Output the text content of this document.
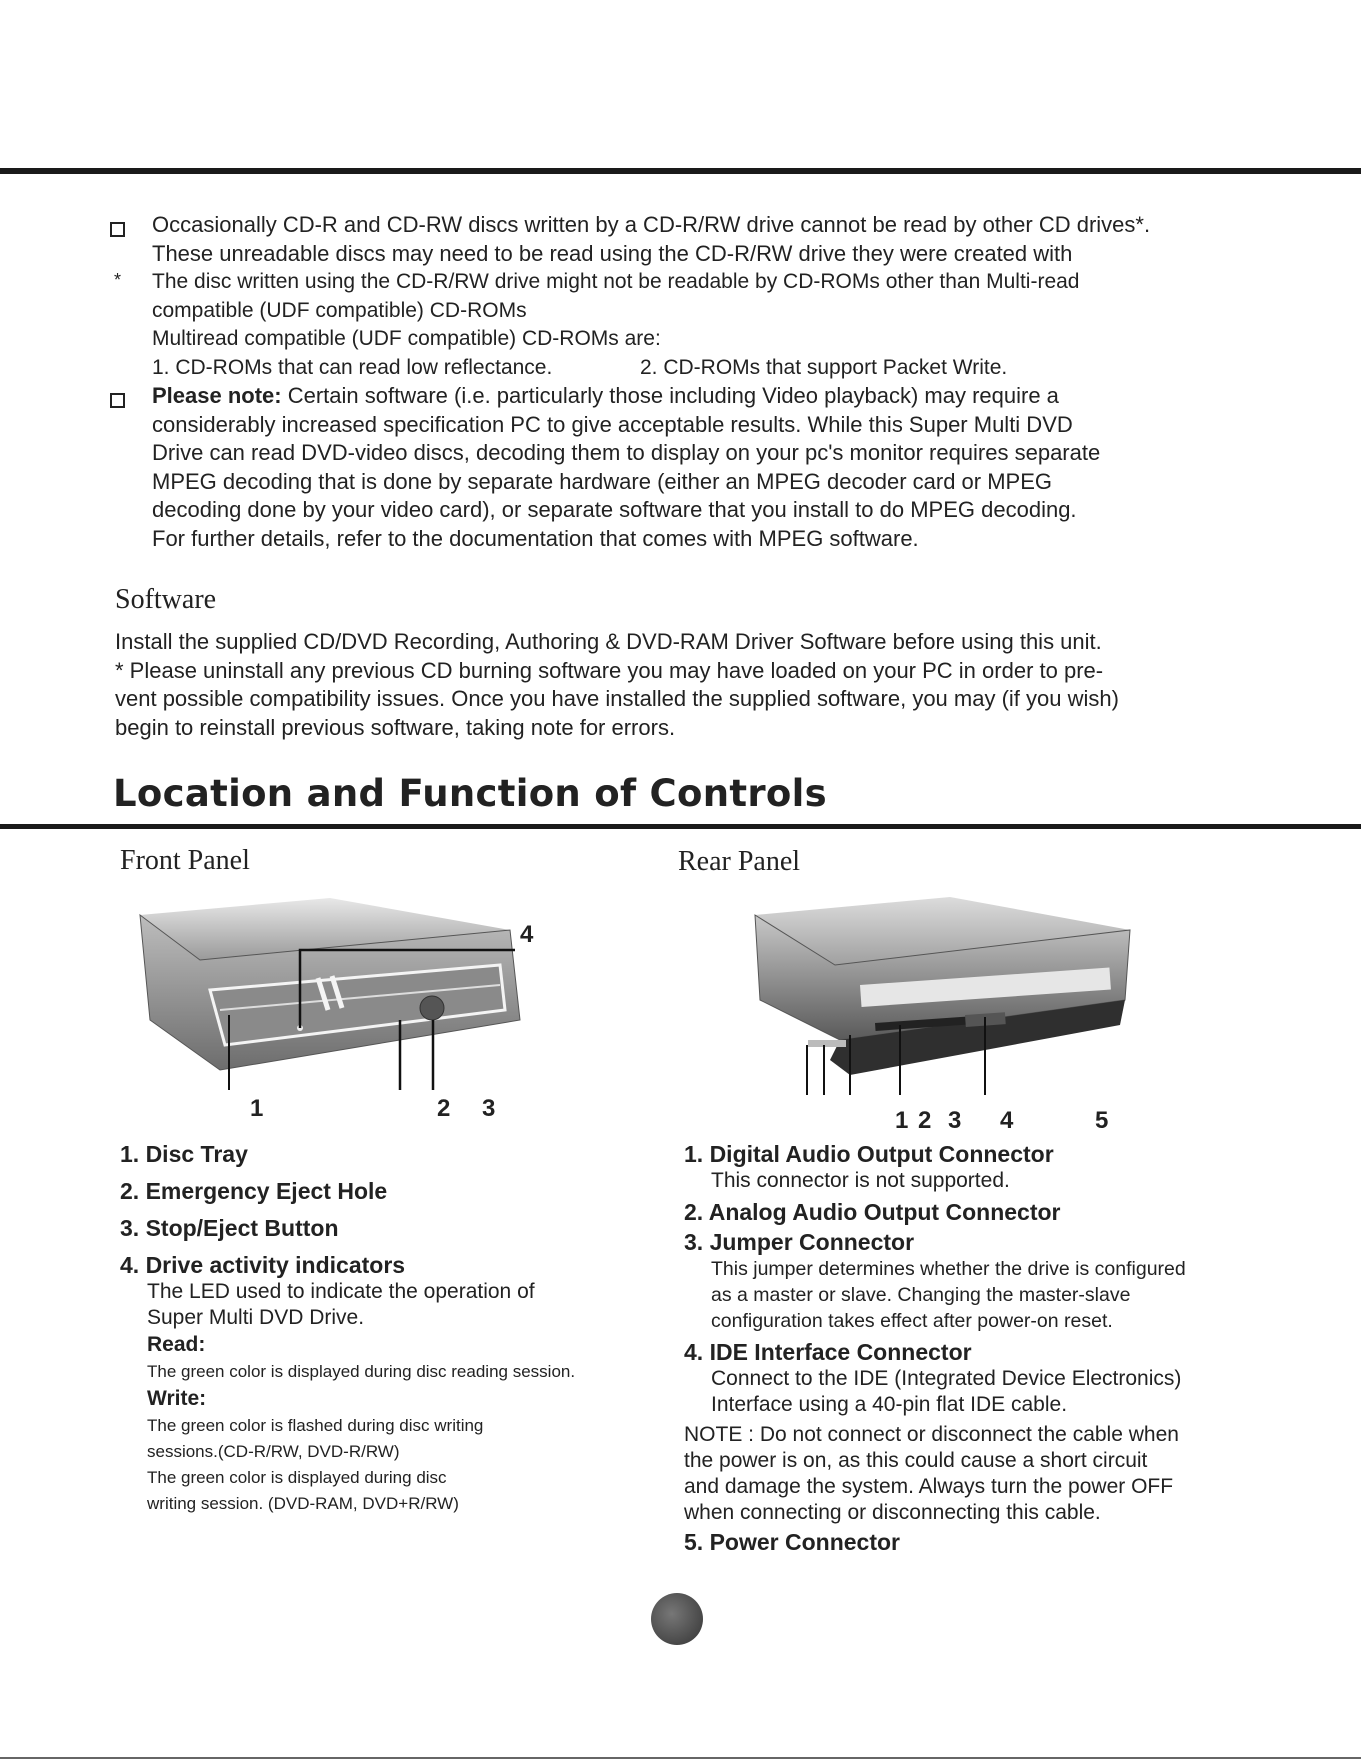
Occasionally CD-R and CD-RW discs written by a CD-R/RW drive cannot be read by other CD drives*.
These unreadable discs may need to be read using the CD-R/RW drive they were created with
* The disc written using the CD-R/RW drive might not be readable by CD-ROMs other than Multi-read
compatible (UDF compatible) CD-ROMs
Multiread compatible (UDF compatible) CD-ROMs are:
1. CD-ROMs that can read low reflectance.	2. CD-ROMs that support Packet Write.
Please note: Certain software (i.e. particularly those including Video playback) may require a
considerably increased specification PC to give acceptable results. While this Super Multi DVD
Drive can read DVD-video discs, decoding them to display on your pc's monitor requires separate
MPEG decoding that is done by separate hardware (either an MPEG decoder card or MPEG
decoding done by your video card), or separate software that you install to do MPEG decoding.
For further details, refer to the documentation that comes with MPEG software.
Software
Install the supplied CD/DVD Recording, Authoring & DVD-RAM Driver Software before using this unit.
* Please uninstall any previous CD burning software you may have loaded on your PC in order to pre-
vent possible compatibility issues. Once you have installed the supplied software, you may (if you wish)
begin to reinstall previous software, taking note for errors.
Location and Function of Controls
Front Panel
4
1	2 3
1. Disc Tray
2. Emergency Eject Hole
3. Stop/Eject Button
4. Drive activity indicators
The LED used to indicate the operation of
Super Multi DVD Drive.
Read:
The green color is displayed during disc reading session.
Write:
The green color is flashed during disc writing
sessions.(CD-R/RW, DVD-R/RW)
The green color is displayed during disc
writing session. (DVD-RAM, DVD+R/RW)
Rear Panel
1 2 3 4	5
1. Digital Audio Output Connector
This connector is not supported.
2. Analog Audio Output Connector
3. Jumper Connector
This jumper determines whether the drive is configured
as a master or slave. Changing the master-slave
configuration takes effect after power-on reset.
4. IDE Interface Connector
Connect to the IDE (Integrated Device Electronics)
Interface using a 40-pin flat IDE cable.
NOTE : Do not connect or disconnect the cable when
the power is on, as this could cause a short circuit
and damage the system. Always turn the power OFF
when connecting or disconnecting this cable.
5. Power Connector
